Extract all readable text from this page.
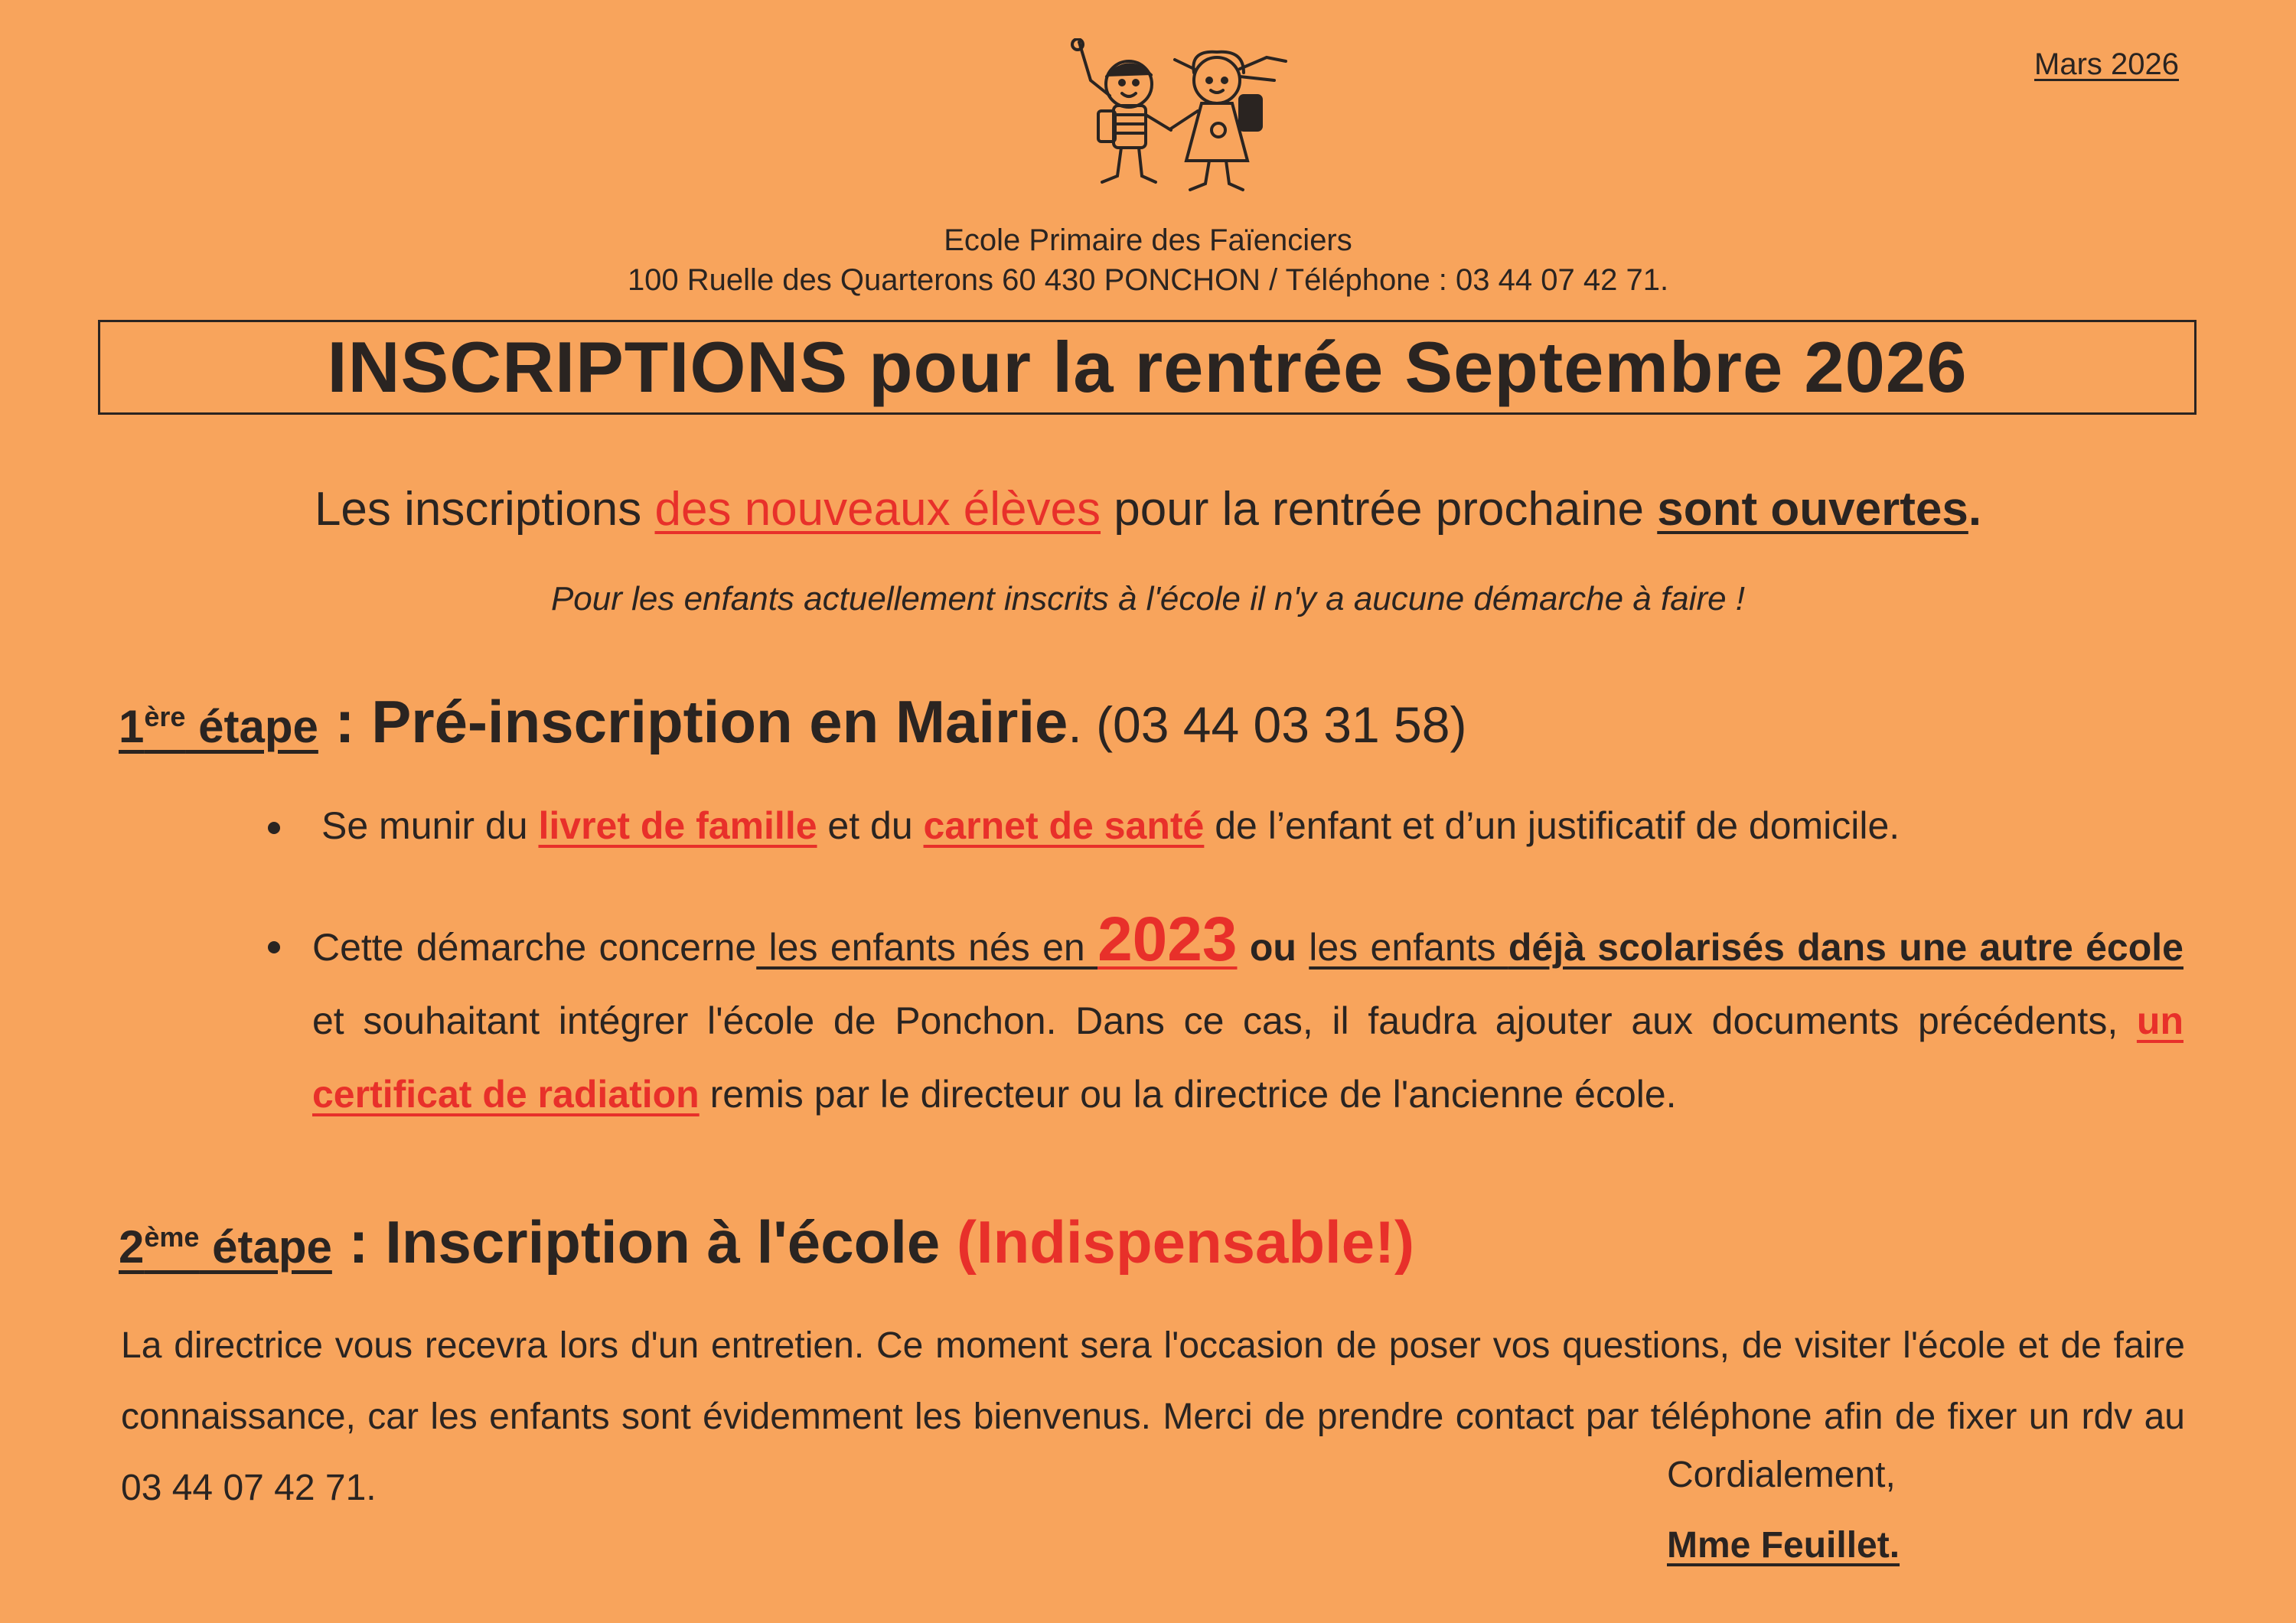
Mars 2026
Ecole Primaire des Faïenciers
100 Ruelle des Quarterons 60 430 PONCHON / Téléphone : 03 44 07 42 71.
INSCRIPTIONS pour la rentrée Septembre 2026
Les inscriptions des nouveaux élèves pour la rentrée prochaine sont ouvertes.
Pour les enfants actuellement inscrits à l'école il n'y a aucune démarche à faire !
1ère étape : Pré-inscription en Mairie. (03 44 03 31 58)
Se munir du livret de famille et du carnet de santé de l’enfant et d’un justificatif de domicile.
Cette démarche concerne les enfants nés en 2023 ou les enfants déjà scolarisés dans une autre école et souhaitant intégrer l'école de Ponchon. Dans ce cas, il faudra ajouter aux documents précédents, un certificat de radiation remis par le directeur ou la directrice de l'ancienne école.
2ème étape : Inscription à l'école (Indispensable!)
La directrice vous recevra lors d'un entretien. Ce moment sera l'occasion de poser vos questions, de visiter l'école et de faire connaissance, car les enfants sont évidemment les bienvenus. Merci de prendre contact par téléphone afin de fixer un rdv au 03 44 07 42 71.	Cordialement,
Mme Feuillet.
